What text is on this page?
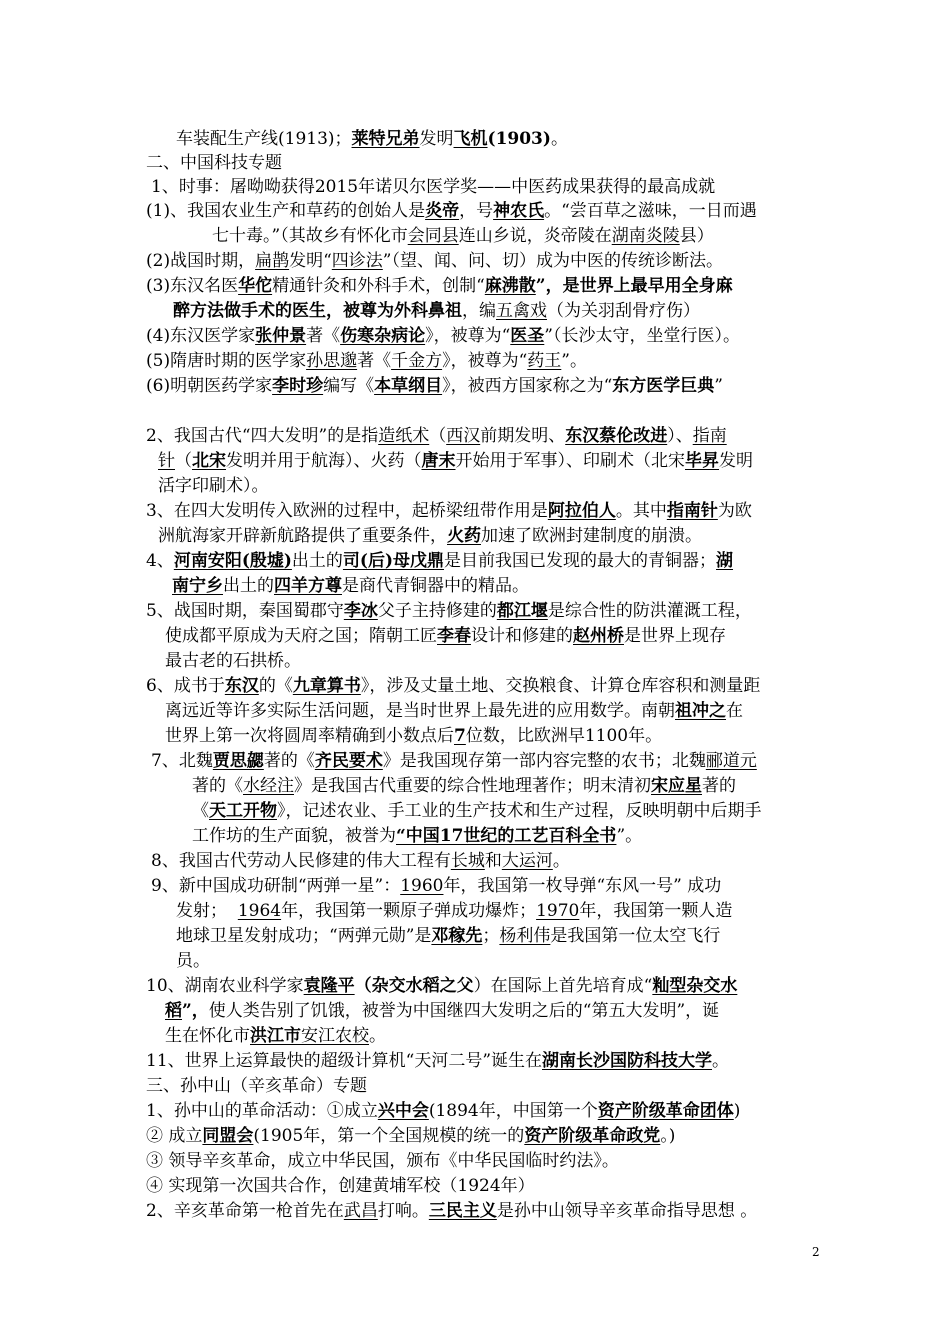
车装配生产线(1913)；莱特兄弟发明飞机(1903)。
二、中国科技专题
1、时事：屠呦呦获得2015年诺贝尔医学奖——中医药成果获得的最高成就
(1)、我国农业生产和草药的创始人是炎帝，号神农氏。“尝百草之滋味，一日而遇
七十毒。”（其故乡有怀化市会同县连山乡说，炎帝陵在湖南炎陵县）
(2)战国时期，扁鹊发明“四诊法”（望、闻、问、切）成为中医的传统诊断法。
(3)东汉名医华佗精通针灸和外科手术，创制“麻沸散”，是世界上最早用全身麻
醉方法做手术的医生，被尊为外科鼻祖，编五禽戏（为关羽刮骨疗伤）
(4)东汉医学家张仲景著《伤寒杂病论》，被尊为“医圣”（长沙太守，坐堂行医）。
(5)隋唐时期的医学家孙思邈著《千金方》，被尊为“药王”。
(6)明朝医药学家李时珍编写《本草纲目》，被西方国家称之为“东方医学巨典”
2、我国古代“四大发明”的是指造纸术（西汉前期发明、东汉蔡伦改进）、指南
针（北宋发明并用于航海）、火药（唐末开始用于军事）、印刷术（北宋毕昇发明
活字印刷术）。
3、在四大发明传入欧洲的过程中，起桥梁纽带作用是阿拉伯人。其中指南针为欧
洲航海家开辟新航路提供了重要条件，火药加速了欧洲封建制度的崩溃。
4、河南安阳(殷墟)出土的司(后)母戊鼎是目前我国已发现的最大的青铜器；湖
南宁乡出土的四羊方尊是商代青铜器中的精品。
5、战国时期，秦国蜀郡守李冰父子主持修建的都江堰是综合性的防洪灌溉工程，
使成都平原成为天府之国；隋朝工匠李春设计和修建的赵州桥是世界上现存
最古老的石拱桥。
6、成书于东汉的《九章算书》，涉及丈量土地、交换粮食、计算仓库容积和测量距
离远近等许多实际生活问题，是当时世界上最先进的应用数学。南朝祖冲之在
世界上第一次将圆周率精确到小数点后7位数，比欧洲早1100年。
7、北魏贾思勰著的《齐民要术》是我国现存第一部内容完整的农书；北魏郦道元
著的《水经注》是我国古代重要的综合性地理著作；明末清初宋应星著的
《天工开物》，记述农业、手工业的生产技术和生产过程，反映明朝中后期手
工作坊的生产面貌，被誉为“中国17世纪的工艺百科全书”。
8、我国古代劳动人民修建的伟大工程有长城和大运河。
9、新中国成功研制“两弹一星”：1960年，我国第一枚导弹“东风一号” 成功
发射；  1964年，我国第一颗原子弹成功爆炸；1970年，我国第一颗人造
地球卫星发射成功；“两弹元勋”是邓稼先；杨利伟是我国第一位太空飞行
员。
10、湖南农业科学家袁隆平（杂交水稻之父）在国际上首先培育成“籼型杂交水
稻”，使人类告别了饥饿，被誉为中国继四大发明之后的“第五大发明”，诞
生在怀化市洪江市安江农校。
11、世界上运算最快的超级计算机“天河二号”诞生在湖南长沙国防科技大学。
三、孙中山（辛亥革命）专题
1、孙中山的革命活动：①成立兴中会(1894年，中国第一个资产阶级革命团体)
② 成立同盟会(1905年，第一个全国规模的统一的资产阶级革命政党。)
③ 领导辛亥革命，成立中华民国，颁布《中华民国临时约法》。
④ 实现第一次国共合作，创建黄埔军校（1924年）
2、辛亥革命第一枪首先在武昌打响。三民主义是孙中山领导辛亥革命指导思想 。
2
